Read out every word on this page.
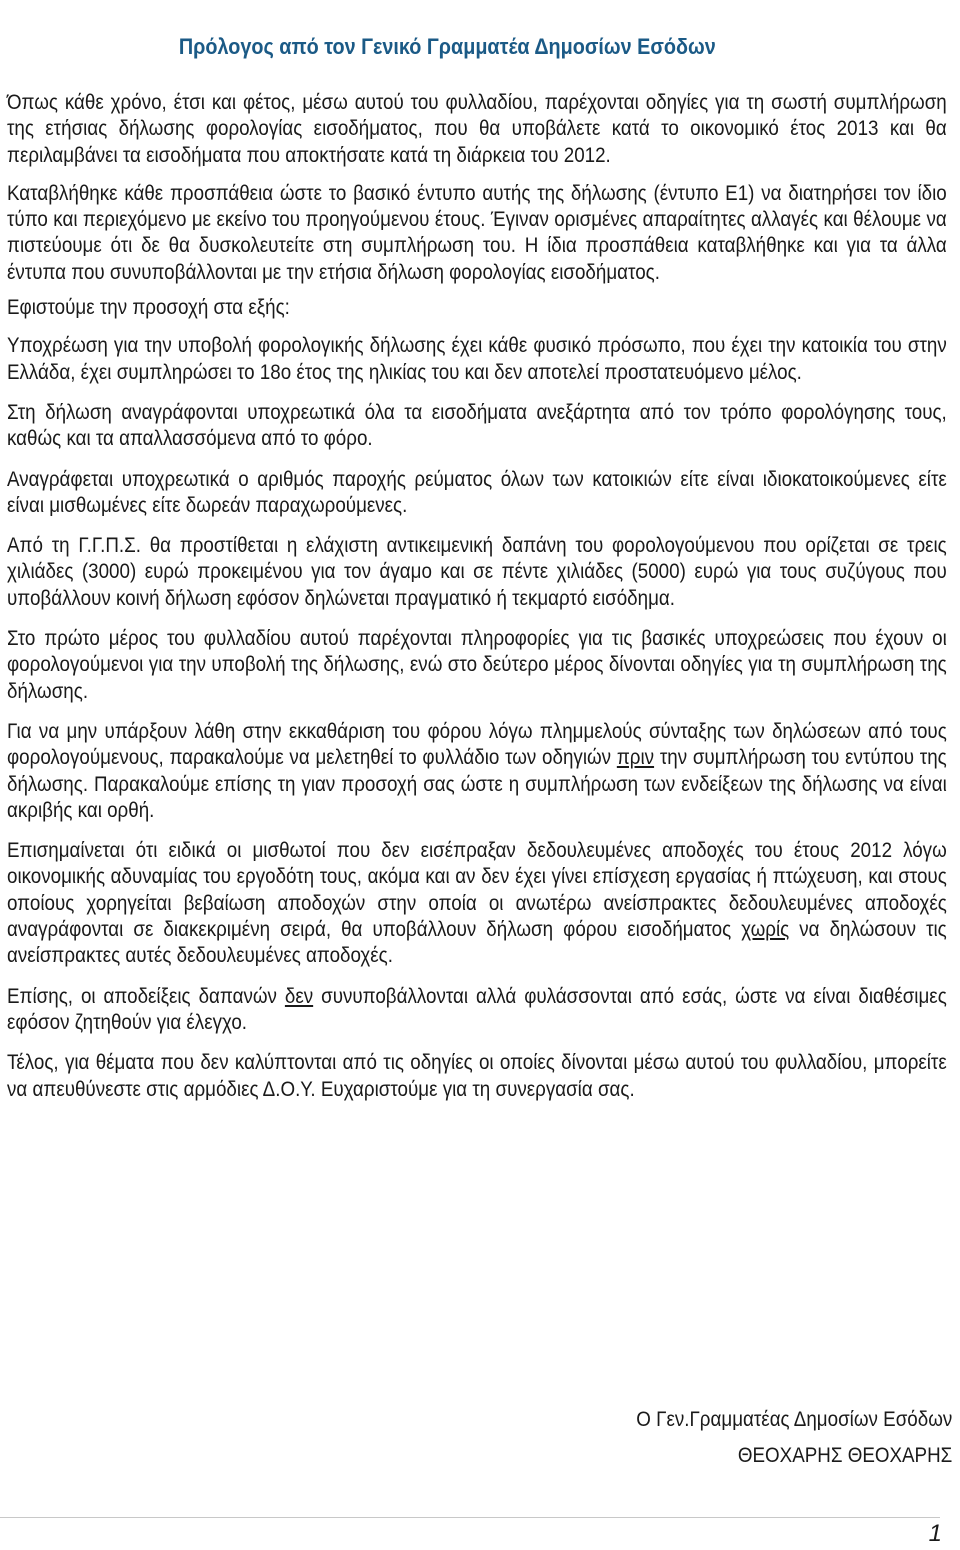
Πρόλογος από τον Γενικό Γραμματέα Δημοσίων Εσόδων

Όπως κάθε χρόνο, έτσι και φέτος, μέσω αυτού του φυλλαδίου, παρέχονται οδηγίες για τη σωστή συμπλήρωση της ετήσιας δήλωσης φορολογίας εισοδήματος, που θα υποβάλετε κατά το οικονομικό έτος 2013 και θα περιλαμβάνει τα εισοδήματα που αποκτήσατε κατά τη διάρκεια του 2012.

Καταβλήθηκε κάθε προσπάθεια ώστε το βασικό έντυπο αυτής της δήλωσης (έντυπο Ε1) να διατηρήσει τον ίδιο τύπο και περιεχόμενο με εκείνο του προηγούμενου έτους. Έγιναν ορισμένες απαραίτητες αλλαγές και θέλουμε να πιστεύουμε ότι δε θα δυσκολευτείτε στη συμπλήρωση του. Η ίδια προσπάθεια καταβλήθηκε και για τα άλλα έντυπα που συνυποβάλλονται με την ετήσια δήλωση φορολογίας εισοδήματος.

Εφιστούμε την προσοχή στα εξής:

Υποχρέωση για την υποβολή φορολογικής δήλωσης έχει κάθε φυσικό πρόσωπο, που έχει την κατοικία του στην Ελλάδα, έχει συμπληρώσει το 18ο έτος της ηλικίας του και δεν αποτελεί προστατευόμενο μέλος.

Στη δήλωση αναγράφονται υποχρεωτικά όλα τα εισοδήματα ανεξάρτητα από τον τρόπο φορολόγησης τους, καθώς και τα απαλλασσόμενα από το φόρο.

Αναγράφεται υποχρεωτικά ο αριθμός παροχής ρεύματος όλων των κατοικιών είτε είναι ιδιοκατοικούμενες είτε είναι μισθωμένες είτε δωρεάν παραχωρούμενες.

Από τη Γ.Γ.Π.Σ. θα προστίθεται η ελάχιστη αντικειμενική δαπάνη του φορολογούμενου που ορίζεται σε τρεις χιλιάδες (3000) ευρώ προκειμένου για τον άγαμο και σε πέντε χιλιάδες (5000) ευρώ για τους συζύγους που υποβάλλουν κοινή δήλωση εφόσον δηλώνεται πραγματικό ή τεκμαρτό εισόδημα.

Στο πρώτο μέρος του φυλλαδίου αυτού παρέχονται πληροφορίες για τις βασικές υποχρεώσεις που έχουν οι φορολογούμενοι για την υποβολή της δήλωσης, ενώ στο δεύτερο μέρος δίνονται οδηγίες για τη συμπλήρωση της δήλωσης.

Για να μην υπάρξουν λάθη στην εκκαθάριση του φόρου λόγω πλημμελούς σύνταξης των δηλώσεων από τους φορολογούμενους, παρακαλούμε να μελετηθεί το φυλλάδιο των οδηγιών πριν την συμπλήρωση του εντύπου της δήλωσης. Παρακαλούμε επίσης τη γιαν προσοχή σας ώστε η συμπλήρωση των ενδείξεων της δήλωσης να είναι ακριβής και ορθή.

Επισημαίνεται ότι ειδικά οι μισθωτοί που δεν εισέπραξαν δεδουλευμένες αποδοχές του έτους 2012 λόγω οικονομικής αδυναμίας του εργοδότη τους, ακόμα και αν δεν έχει γίνει επίσχεση εργασίας ή πτώχευση, και στους οποίους χορηγείται βεβαίωση αποδοχών στην οποία οι ανωτέρω ανείσπρακτες δεδουλευμένες αποδοχές αναγράφονται σε διακεκριμένη σειρά, θα υποβάλλουν δήλωση φόρου εισοδήματος χωρίς να δηλώσουν τις ανείσπρακτες αυτές δεδουλευμένες αποδοχές.

Επίσης, οι αποδείξεις δαπανών δεν συνυποβάλλονται αλλά φυλάσσονται από εσάς, ώστε να είναι διαθέσιμες εφόσον ζητηθούν για έλεγχο.

Τέλος, για θέματα που δεν καλύπτονται από τις οδηγίες οι οποίες δίνονται μέσω αυτού του φυλλαδίου, μπορείτε να απευθύνεστε στις αρμόδιες Δ.Ο.Υ. Ευχαριστούμε για τη συνεργασία σας.

Ο Γεν.Γραμματέας Δημοσίων Εσόδων
ΘΕΟΧΑΡΗΣ ΘΕΟΧΑΡΗΣ
1
